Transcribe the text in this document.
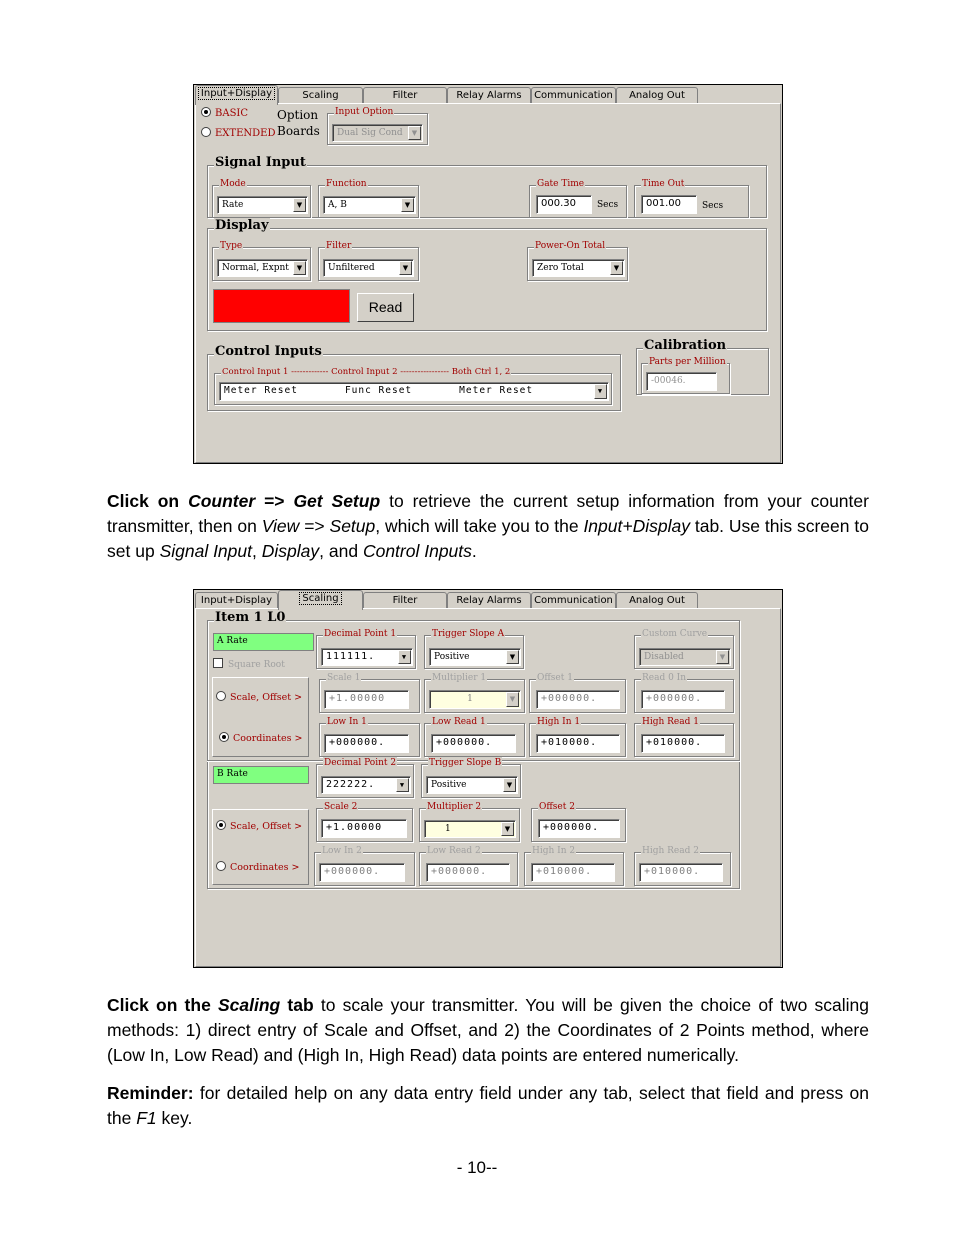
Input+Display	Scaling	Filter	Relay Alarms	Communication	Analog Out
BASIC
EXTENDED
Option Boards
Input Option
Dual Sig Cond	▼
Signal Input
Mode
Rate	▼
Function
A, B	▼
Gate Time
000.30	Secs
Time Out
001.00	Secs
Display
Type
Normal, Expnt	▼
Filter
Unfiltered	▼
Power-On Total
Zero Total	▼
Read
Control Inputs
Control Input 1 ------------- Control Input 2 ----------------- Both Ctrl 1, 2
Meter Reset       Func Reset       Meter Reset	▼
Calibration
Parts per Million
-00046.
Click on Counter => Get Setup to retrieve the current setup information from your counter transmitter, then on View => Setup, which will take you to the Input+Display tab. Use this screen to set up Signal Input, Display, and Control Inputs.
Input+Display	Scaling	Filter	Relay Alarms	Communication	Analog Out
Item 1 L0
A Rate
Square Root
Scale, Offset >
Coordinates >
Decimal Point 1
111111.	▼
Trigger Slope A
Positive	▼
Custom Curve
Disabled	▼
Scale 1
+1.00000
Multiplier 1
1	▼
Offset 1
+000000.
Read 0 In
+000000.
Low In 1
+000000.
Low Read 1
+000000.
High In 1
+010000.
High Read 1
+010000.
B Rate
Decimal Point 2
222222.	▼
Trigger Slope B
Positive	▼
Scale, Offset >
Coordinates >
Scale 2
+1.00000
Multiplier 2
1	▼
Offset 2
+000000.
Low In 2
+000000.
Low Read 2
+000000.
High In 2
+010000.
High Read 2
+010000.
Click on the Scaling tab to scale your transmitter. You will be given the choice of two scaling methods: 1) direct entry of Scale and Offset, and 2) the Coordinates of 2 Points method, where (Low In, Low Read) and (High In, High Read) data points are entered numerically.
Reminder: for detailed help on any data entry field under any tab, select that field and press on the F1 key.
- 10--
